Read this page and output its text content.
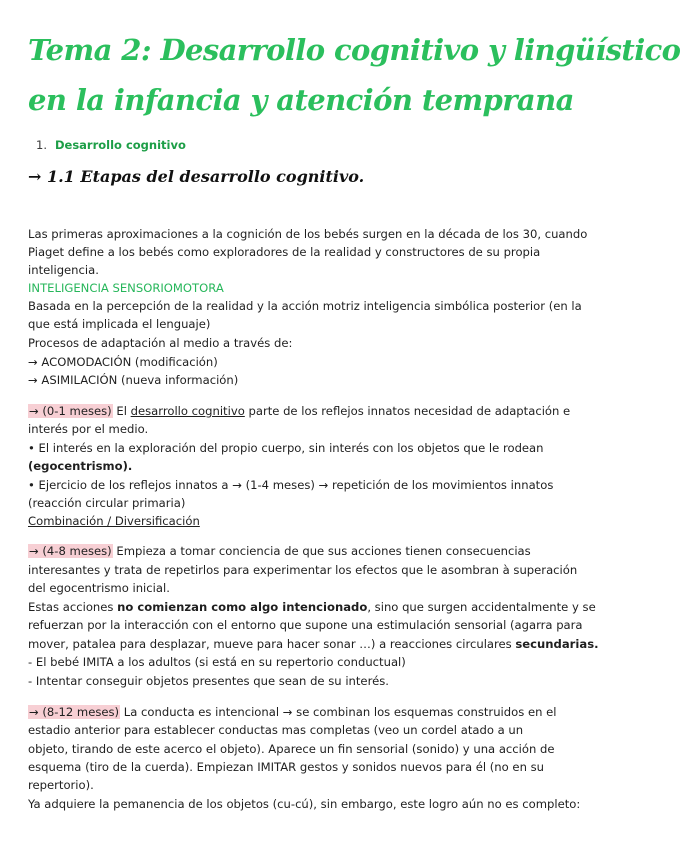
Tema 2: Desarrollo cognitivo y lingüístico
en la infancia y atención temprana
1. Desarrollo cognitivo
→ 1.1 Etapas del desarrollo cognitivo.
Las primeras aproximaciones a la cognición de los bebés surgen en la década de los 30, cuando
Piaget define a los bebés como exploradores de la realidad y constructores de su propia
inteligencia.
INTELIGENCIA SENSORIOMOTORA
Basada en la percepción de la realidad y la acción motriz inteligencia simbólica posterior (en la
que está implicada el lenguaje)
Procesos de adaptación al medio a través de:
→ ACOMODACIÓN (modificación)
→ ASIMILACIÓN (nueva información)
→ (0-1 meses) El desarrollo cognitivo parte de los reflejos innatos necesidad de adaptación e
interés por el medio.
• El interés en la exploración del propio cuerpo, sin interés con los objetos que le rodean
(egocentrismo).
• Ejercicio de los reflejos innatos a → (1-4 meses) → repetición de los movimientos innatos
(reacción circular primaria)
Combinación / Diversificación
→ (4-8 meses) Empieza a tomar conciencia de que sus acciones tienen consecuencias
interesantes y trata de repetirlos para experimentar los efectos que le asombran à superación
del egocentrismo inicial.
Estas acciones no comienzan como algo intencionado, sino que surgen accidentalmente y se
refuerzan por la interacción con el entorno que supone una estimulación sensorial (agarra para
mover, patalea para desplazar, mueve para hacer sonar …) a reacciones circulares secundarias.
- El bebé IMITA a los adultos (si está en su repertorio conductual)
- Intentar conseguir objetos presentes que sean de su interés.
→ (8-12 meses) La conducta es intencional → se combinan los esquemas construidos en el
estadio anterior para establecer conductas mas completas (veo un cordel atado a un
objeto, tirando de este acerco el objeto). Aparece un fin sensorial (sonido) y una acción de
esquema (tiro de la cuerda). Empiezan IMITAR gestos y sonidos nuevos para él (no en su
repertorio).
Ya adquiere la pemanencia de los objetos (cu-cú), sin embargo, este logro aún no es completo:
